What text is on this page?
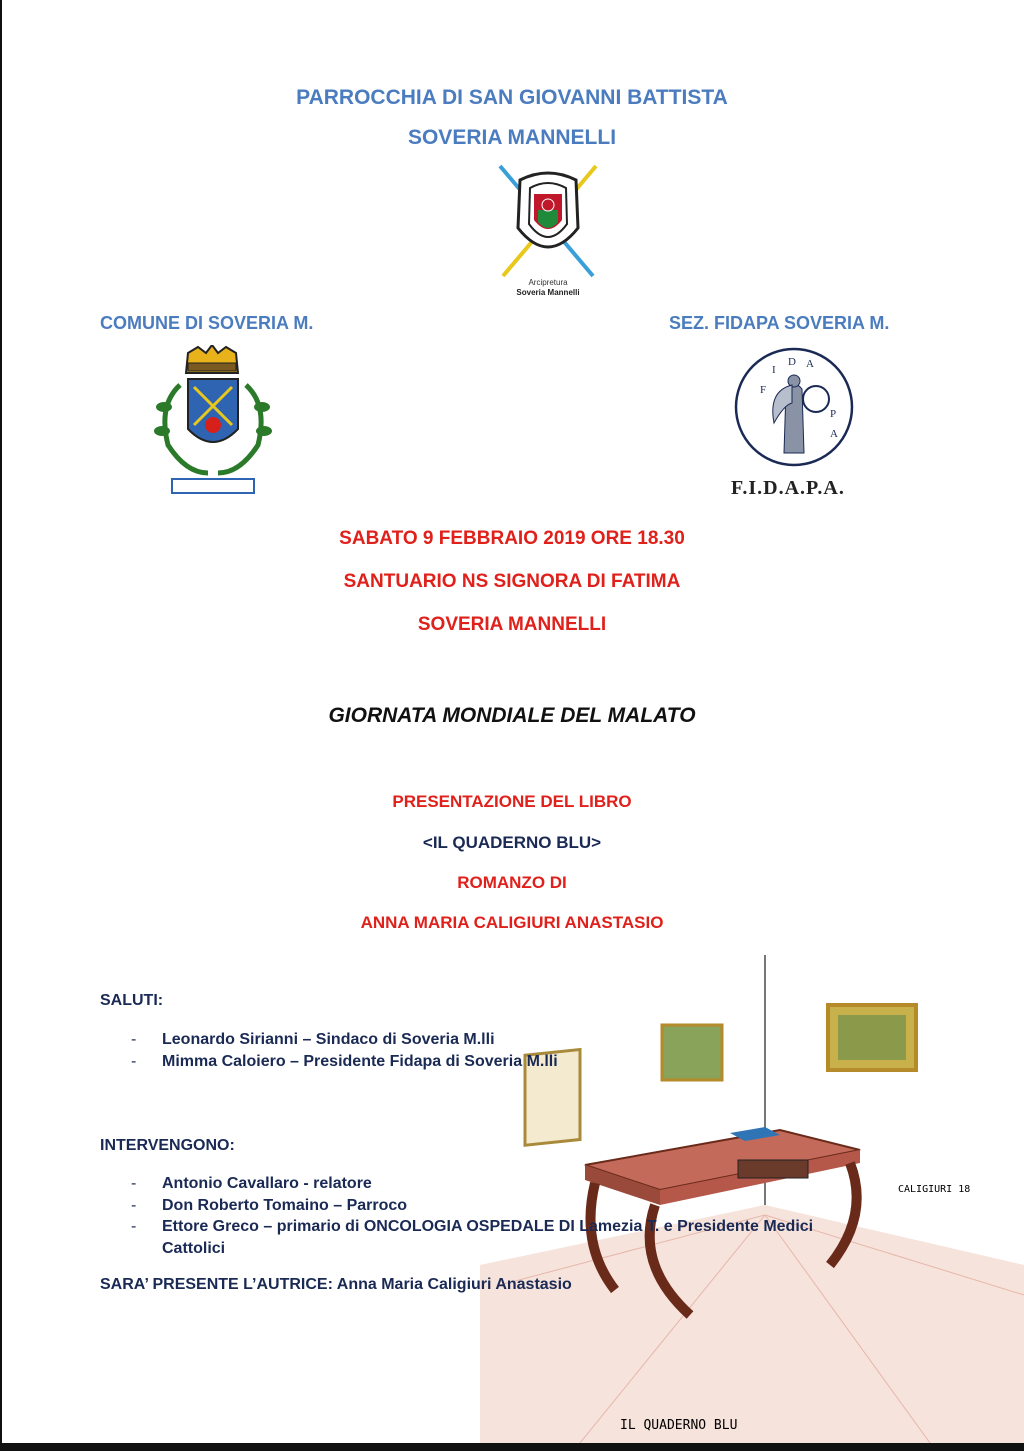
PARROCCHIA DI SAN GIOVANNI BATTISTA
SOVERIA MANNELLI
Arcipretura
Soveria Mannelli
COMUNE DI SOVERIA M.	SEZ. FIDAPA SOVERIA M.
F
I
D A
P
A
F.I.D.A.P.A.
SABATO 9 FEBBRAIO 2019 ORE 18.30
SANTUARIO NS SIGNORA DI FATIMA
SOVERIA MANNELLI
GIORNATA MONDIALE DEL MALATO
PRESENTAZIONE DEL LIBRO
<IL QUADERNO BLU>
ROMANZO DI
ANNA MARIA CALIGIURI ANASTASIO
CALIGIURI 18
IL QUADERNO BLU
SALUTI:
- Leonardo Sirianni – Sindaco di Soveria M.lli
- Mimma Caloiero – Presidente Fidapa di Soveria M.lli
INTERVENGONO:
- Antonio Cavallaro - relatore
- Don Roberto Tomaino – Parroco
- Ettore Greco – primario di ONCOLOGIA OSPEDALE DI Lamezia T. e Presidente Medici
Cattolici
SARA’ PRESENTE L’AUTRICE: Anna Maria Caligiuri Anastasio
